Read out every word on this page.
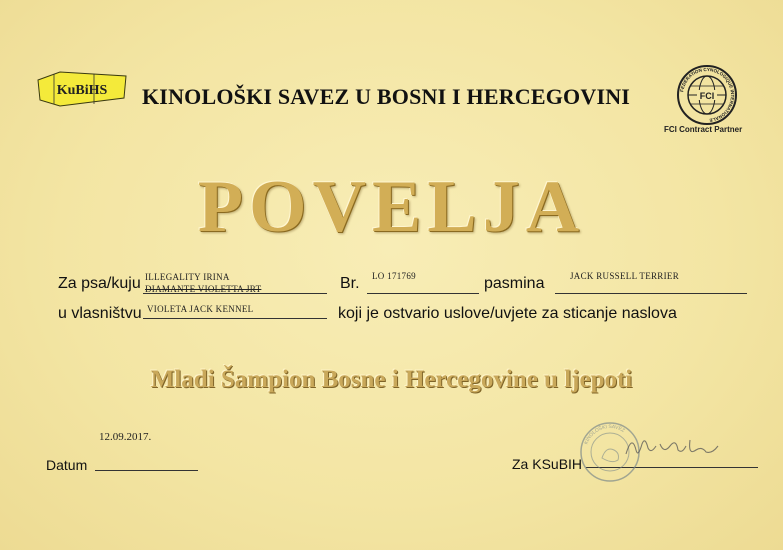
KuBiHS KINOLOŠKI SAVEZ U BOSNI I HERCEGOVINI	FCI
FEDERATION CYNOLOGIQUE INTERNATIONALE
FCI Contract Partner
POVELJA
Za psa/kuju ILLEGALITY IRINA
DIAMANTE VIOLETTA JRT	Br. LO 171769	pasmina	JACK RUSSELL TERRIER
u vlasništvu VIOLETA JACK KENNEL	koji je ostvario uslove/uvjete za sticanje naslova
Mladi Šampion Bosne i Hercegovine u ljepoti
12.09.2017.
Datum	Za KSuBIH
KINOLOŠKI SAVEZ
